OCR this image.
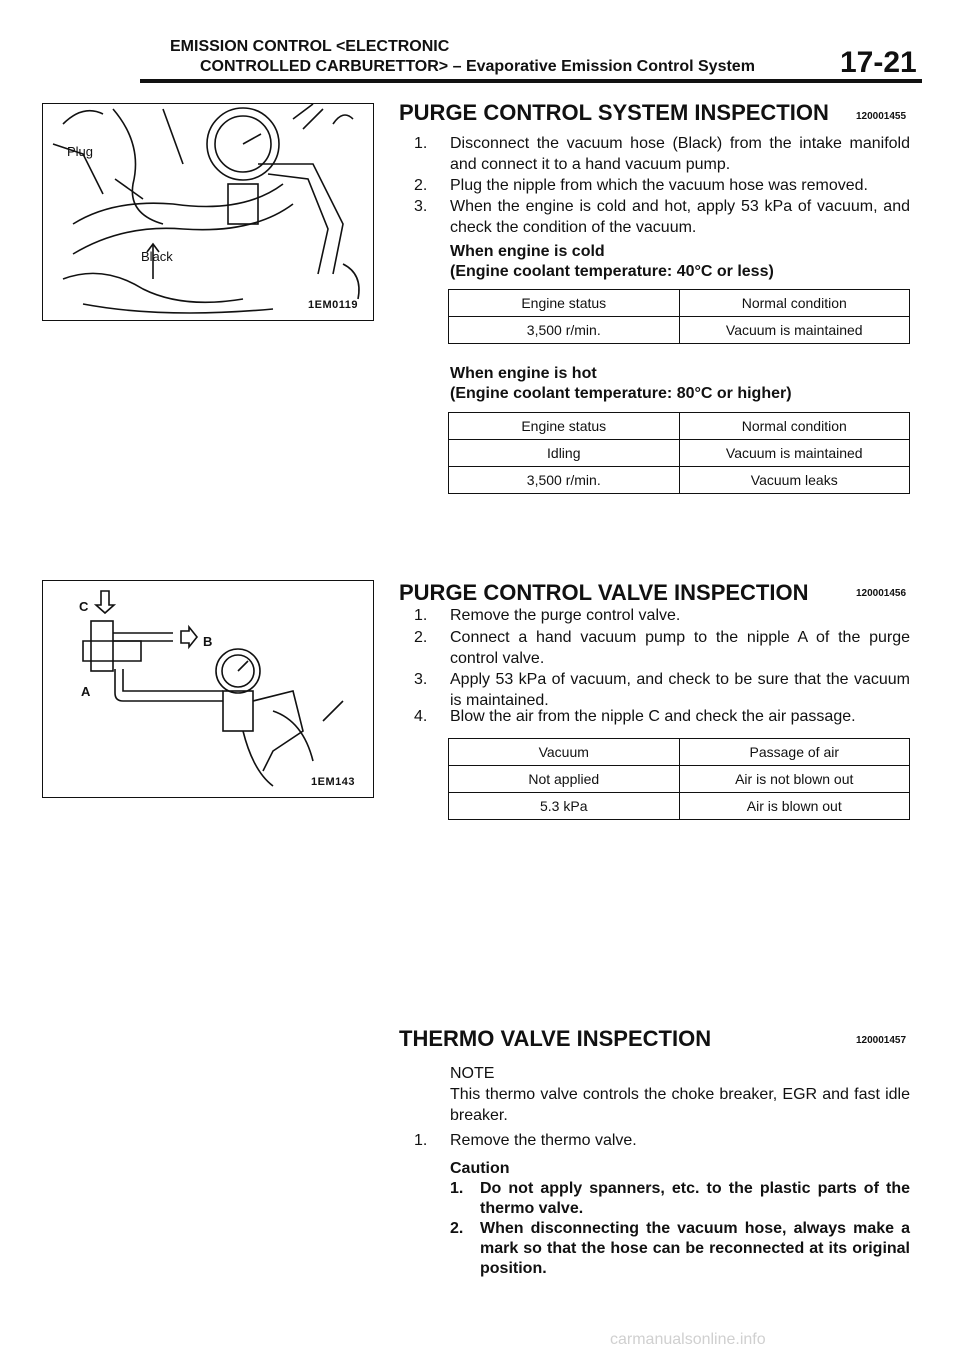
EMISSION CONTROL <ELECTRONIC
CONTROLLED CARBURETTOR> – Evaporative Emission Control System	17-21
Plug
Black
1EM0119
C
B
A
1EM143
PURGE CONTROL SYSTEM INSPECTION	120001455
1. Disconnect the vacuum hose (Black) from the intake manifold and connect it to a hand vacuum pump.
2. Plug the nipple from which the vacuum hose was removed.
3. When the engine is cold and hot, apply 53 kPa of vacuum, and check the condition of the vacuum.
When engine is cold
(Engine coolant temperature: 40°C or less)
Engine status	Normal condition
3,500 r/min.	Vacuum is maintained
When engine is hot
(Engine coolant temperature: 80°C or higher)
Engine status	Normal condition
Idling	Vacuum is maintained
3,500 r/min.	Vacuum leaks
PURGE CONTROL VALVE INSPECTION	120001456
1. Remove the purge control valve.
2. Connect a hand vacuum pump to the nipple A of the purge control valve.
3. Apply 53 kPa of vacuum, and check to be sure that the vacuum is maintained.
4. Blow the air from the nipple C and check the air passage.
Vacuum	Passage of air
Not applied	Air is not blown out
5.3 kPa	Air is blown out
THERMO VALVE INSPECTION	120001457
NOTE
This thermo valve controls the choke breaker, EGR and fast idle breaker.
1. Remove the thermo valve.
Caution
1. Do not apply spanners, etc. to the plastic parts of the thermo valve.
2. When disconnecting the vacuum hose, always make a mark so that the hose can be reconnected at its original position.
carmanualsonline.info
